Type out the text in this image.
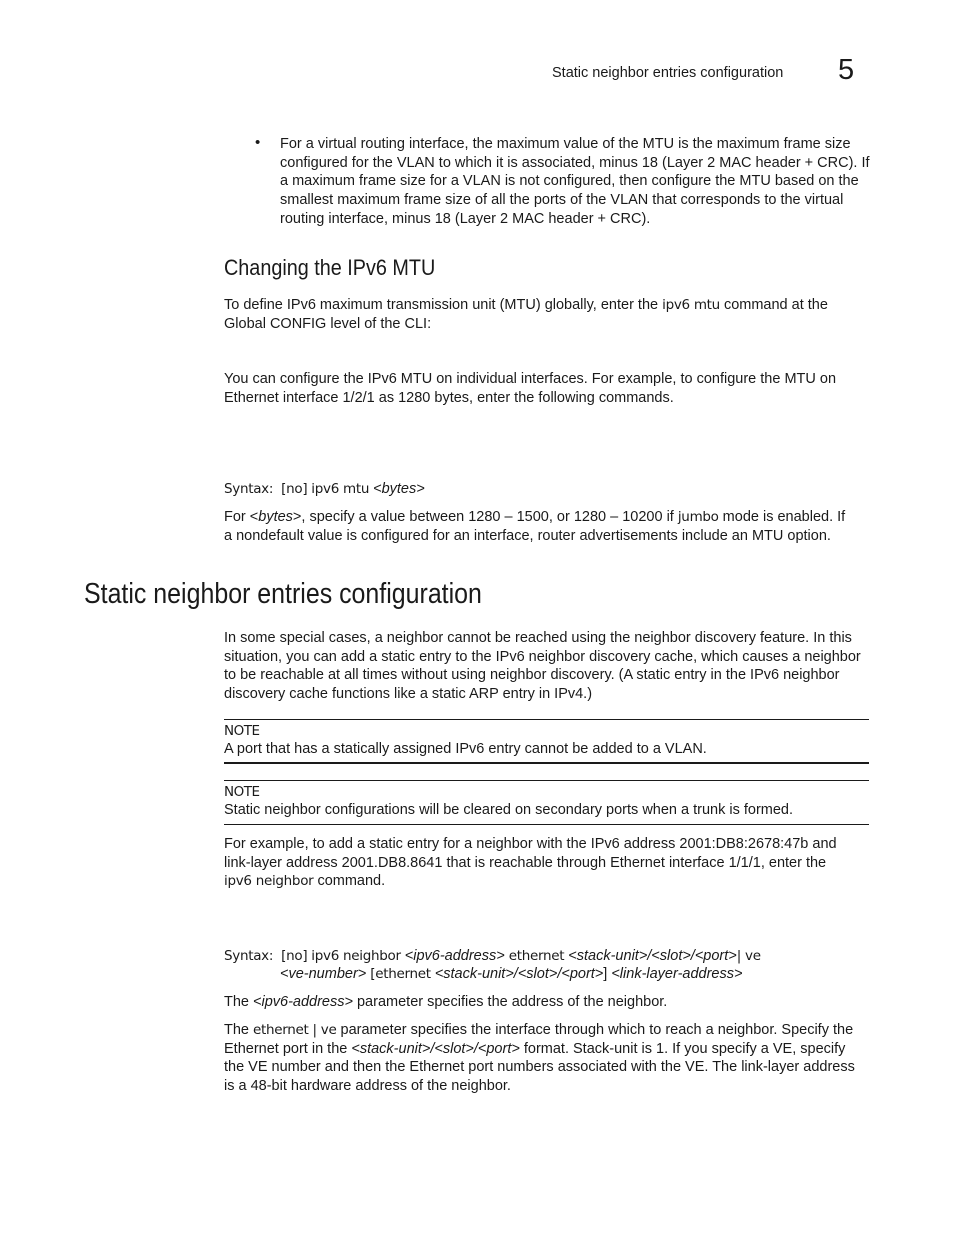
Static neighbor entries configuration 5
• For a virtual routing interface, the maximum value of the MTU is the maximum frame size
configured for the VLAN to which it is associated, minus 18 (Layer 2 MAC header + CRC). If
a maximum frame size for a VLAN is not configured, then configure the MTU based on the
smallest maximum frame size of all the ports of the VLAN that corresponds to the virtual
routing interface, minus 18 (Layer 2 MAC header + CRC).
Changing the IPv6 MTU
To define IPv6 maximum transmission unit (MTU) globally, enter the ipv6 mtu command at the
Global CONFIG level of the CLI:
You can configure the IPv6 MTU on individual interfaces. For example, to configure the MTU on
Ethernet interface 1/2/1 as 1280 bytes, enter the following commands.
Syntax: [no] ipv6 mtu <bytes>
For <bytes>, specify a value between 1280 – 1500, or 1280 – 10200 if jumbo mode is enabled. If
a nondefault value is configured for an interface, router advertisements include an MTU option.
Static neighbor entries configuration
In some special cases, a neighbor cannot be reached using the neighbor discovery feature. In this
situation, you can add a static entry to the IPv6 neighbor discovery cache, which causes a neighbor
to be reachable at all times without using neighbor discovery. (A static entry in the IPv6 neighbor
discovery cache functions like a static ARP entry in IPv4.)
NOTE
A port that has a statically assigned IPv6 entry cannot be added to a VLAN.
NOTE
Static neighbor configurations will be cleared on secondary ports when a trunk is formed.
For example, to add a static entry for a neighbor with the IPv6 address 2001:DB8:2678:47b and
link-layer address 2001.DB8.8641 that is reachable through Ethernet interface 1/1/1, enter the
ipv6 neighbor command.
Syntax: [no] ipv6 neighbor <ipv6-address> ethernet <stack-unit>/<slot>/<port>| ve
<ve-number> [ethernet <stack-unit>/<slot>/<port>] <link-layer-address>
The <ipv6-address> parameter specifies the address of the neighbor.
The ethernet | ve parameter specifies the interface through which to reach a neighbor. Specify the
Ethernet port in the <stack-unit>/<slot>/<port> format. Stack-unit is 1. If you specify a VE, specify
the VE number and then the Ethernet port numbers associated with the VE. The link-layer address
is a 48-bit hardware address of the neighbor.
